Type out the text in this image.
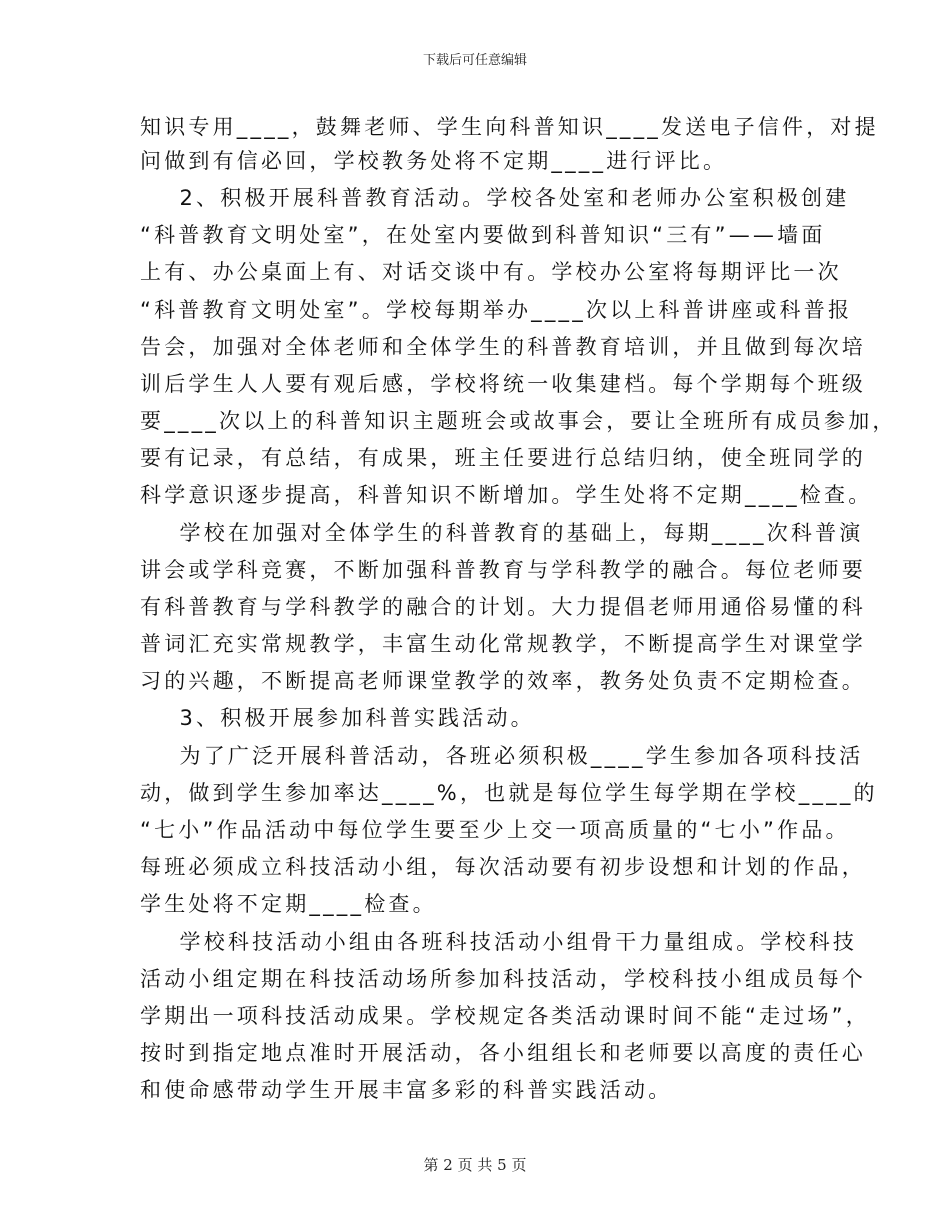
下载后可任意编辑
知识专用____，鼓舞老师、学生向科普知识____发送电子信件，对提
问做到有信必回，学校教务处将不定期____进行评比。
2、积极开展科普教育活动。学校各处室和老师办公室积极创建
“科普教育文明处室”，在处室内要做到科普知识“三有”——墙面
上有、办公桌面上有、对话交谈中有。学校办公室将每期评比一次
“科普教育文明处室”。学校每期举办____次以上科普讲座或科普报
告会，加强对全体老师和全体学生的科普教育培训，并且做到每次培
训后学生人人要有观后感，学校将统一收集建档。每个学期每个班级
要____次以上的科普知识主题班会或故事会，要让全班所有成员参加，
要有记录，有总结，有成果，班主任要进行总结归纳，使全班同学的
科学意识逐步提高，科普知识不断增加。学生处将不定期____检查。
学校在加强对全体学生的科普教育的基础上，每期____次科普演
讲会或学科竞赛，不断加强科普教育与学科教学的融合。每位老师要
有科普教育与学科教学的融合的计划。大力提倡老师用通俗易懂的科
普词汇充实常规教学，丰富生动化常规教学，不断提高学生对课堂学
习的兴趣，不断提高老师课堂教学的效率，教务处负责不定期检查。
3、积极开展参加科普实践活动。
为了广泛开展科普活动，各班必须积极____学生参加各项科技活
动，做到学生参加率达____%，也就是每位学生每学期在学校____的
“七小”作品活动中每位学生要至少上交一项高质量的“七小”作品。
每班必须成立科技活动小组，每次活动要有初步设想和计划的作品，
学生处将不定期____检查。
学校科技活动小组由各班科技活动小组骨干力量组成。学校科技
活动小组定期在科技活动场所参加科技活动，学校科技小组成员每个
学期出一项科技活动成果。学校规定各类活动课时间不能“走过场”，
按时到指定地点准时开展活动，各小组组长和老师要以高度的责任心
和使命感带动学生开展丰富多彩的科普实践活动。
第 2 页 共 5 页
